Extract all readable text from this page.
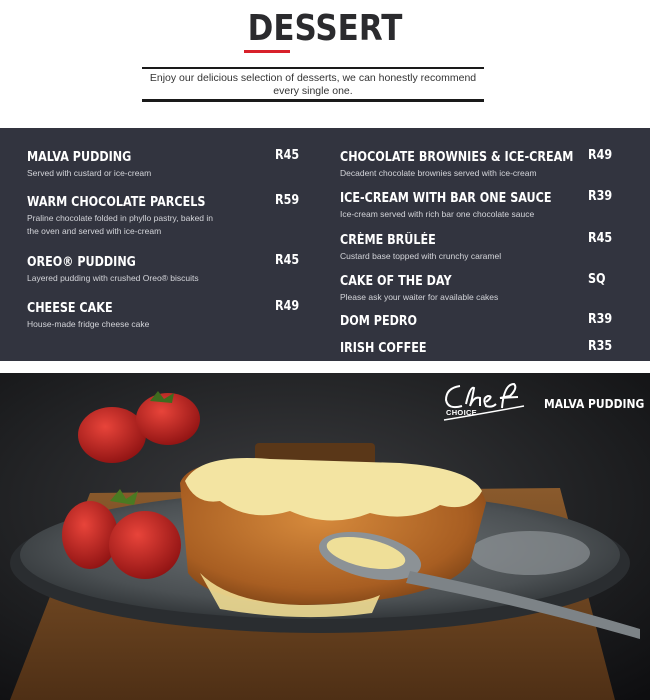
DESSERT
Enjoy our delicious selection of desserts, we can honestly recommend every single one.
MALVA PUDDING	R45
Served with custard or ice-cream
WARM CHOCOLATE PARCELS	R59
Praline chocolate folded in phyllo pastry, baked in the oven and served with ice-cream
OREO® PUDDING	R45
Layered pudding with crushed Oreo® biscuits
CHEESE CAKE	R49
House-made fridge cheese cake
CHOCOLATE BROWNIES & ICE-CREAM R49
Decadent chocolate brownies served with ice-cream
ICE-CREAM WITH BAR ONE SAUCE	R39
Ice-cream served with rich bar one chocolate sauce
CRÈME BRÛLÉE	R45
Custard base topped with crunchy caramel
CAKE OF THE DAY	SQ
Please ask your waiter for available cakes
DOM PEDRO	R39
IRISH COFFEE	R35
CHOICE
MALVA PUDDING
